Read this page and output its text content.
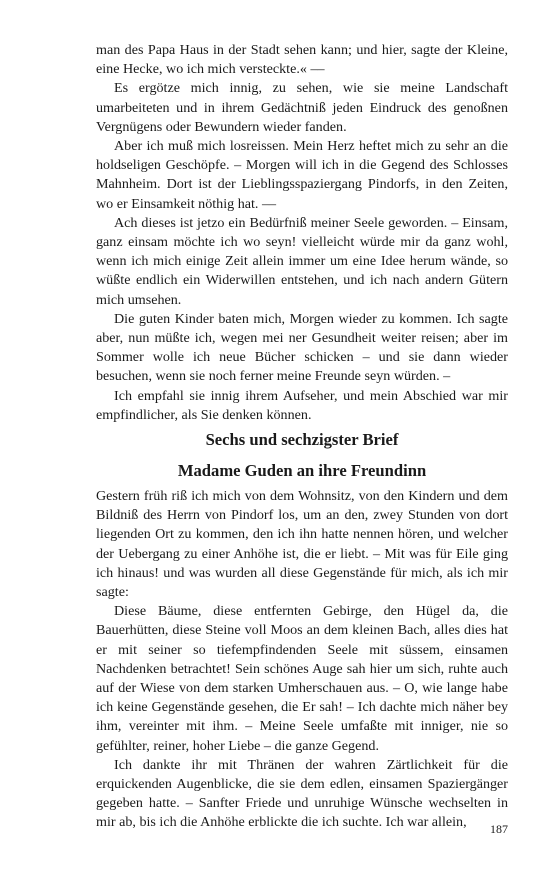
man des Papa Haus in der Stadt sehen kann; und hier, sagte der Kleine, eine Hecke, wo ich mich versteckte.« ––

Es ergötze mich innig, zu sehen, wie sie meine Landschaft umarbeiteten und in ihrem Gedächtniß jeden Eindruck des genoßnen Vergnügens oder Bewundern wieder fanden.

Aber ich muß mich losreissen. Mein Herz heftet mich zu sehr an die holdseligen Geschöpfe. – Morgen will ich in die Gegend des Schlosses Mahnheim. Dort ist der Lieblingsspaziergang Pindorfs, in den Zeiten, wo er Einsamkeit nöthig hat. ––

Ach dieses ist jetzo ein Bedürfniß meiner Seele geworden. – Einsam, ganz einsam möchte ich wo seyn! vielleicht würde mir da ganz wohl, wenn ich mich einige Zeit allein immer um eine Idee herum wände, so wüßte endlich ein Widerwillen entstehen, und ich nach andern Gütern mich umsehen.

Die guten Kinder baten mich, Morgen wieder zu kommen. Ich sagte aber, nun müßte ich, wegen mei ner Gesundheit weiter reisen; aber im Sommer wolle ich neue Bücher schicken – und sie dann wieder besuchen, wenn sie noch ferner meine Freunde seyn würden. –

Ich empfahl sie innig ihrem Aufseher, und mein Abschied war mir empfindlicher, als Sie denken können.

Sechs und sechzigster Brief
Madame Guden an ihre Freundinn

Gestern früh riß ich mich von dem Wohnsitz, von den Kindern und dem Bildniß des Herrn von Pindorf los, um an den, zwey Stunden von dort liegenden Ort zu kommen, den ich ihn hatte nennen hören, und welcher der Uebergang zu einer Anhöhe ist, die er liebt. – Mit was für Eile ging ich hinaus! und was wurden all diese Gegenstände für mich, als ich mir sagte:

Diese Bäume, diese entfernten Gebirge, den Hügel da, die Bauerhütten, diese Steine voll Moos an dem kleinen Bach, alles dies hat er mit seiner so tiefempfindenden Seele mit süssem, einsamen Nachdenken betrachtet! Sein schönes Auge sah hier um sich, ruhte auch auf der Wiese von dem starken Umherschauen aus. – O, wie lange habe ich keine Gegenstände gesehen, die Er sah! – Ich dachte mich näher bey ihm, vereinter mit ihm. – Meine Seele umfaßte mit inniger, nie so gefühlter, reiner, hoher Liebe – die ganze Gegend.

Ich dankte ihr mit Thränen der wahren Zärtlichkeit für die erquickenden Augenblicke, die sie dem edlen, einsamen Spaziergänger gegeben hatte. – Sanfter Friede und unruhige Wünsche wechselten in mir ab, bis ich die Anhöhe erblickte die ich suchte. Ich war allein,	187
